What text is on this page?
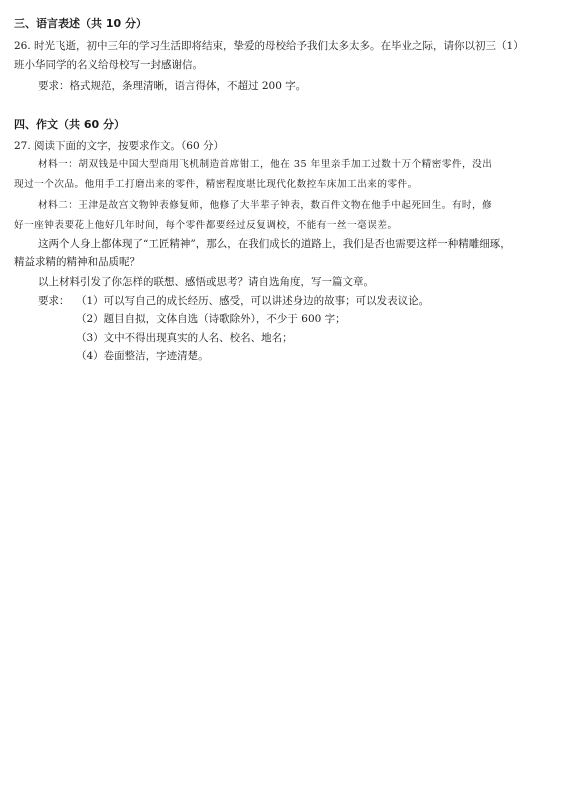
三、语言表述（共 10 分）
26. 时光飞逝，初中三年的学习生活即将结束，挚爱的母校给予我们太多太多。在毕业之际，请你以初三（1）
班小华同学的名义给母校写一封感谢信。
要求：格式规范，条理清晰，语言得体，不超过 200 字。
四、作文（共 60 分）
27. 阅读下面的文字，按要求作文。（60 分）
材料一：胡双钱是中国大型商用飞机制造首席钳工，他在 35 年里亲手加工过数十万个精密零件，没出
现过一个次品。他用手工打磨出来的零件，精密程度堪比现代化数控车床加工出来的零件。
材料二：王津是故宫文物钟表修复师，他修了大半辈子钟表，数百件文物在他手中起死回生。有时，修
好一座钟表要花上他好几年时间，每个零件都要经过反复调校，不能有一丝一毫误差。
这两个人身上都体现了“工匠精神”，那么，在我们成长的道路上，我们是否也需要这样一种精雕细琢，
精益求精的精神和品质呢？
以上材料引发了你怎样的联想、感悟或思考？请自选角度，写一篇文章。
要求： （1）可以写自己的成长经历、感受，可以讲述身边的故事；可以发表议论。
（2）题目自拟，文体自选（诗歌除外），不少于 600 字；
（3）文中不得出现真实的人名、校名、地名；
（4）卷面整洁，字迹清楚。
